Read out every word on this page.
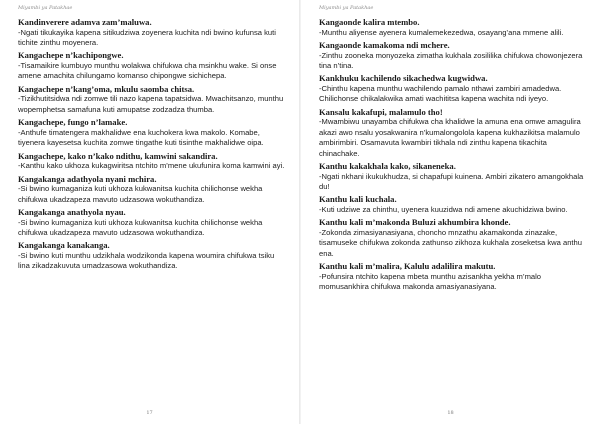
Miyambi ya Patakhae

Kandinverere adamva zam’maluwa.

-Ngati tikukayika kapena sitikudziwa zoyenera kuchita ndi bwino kufunsa kuti tichite zinthu moyenera.

Kangachepe n’kachipongwe.

-Tisamaikire kumbuyo munthu wolakwa chifukwa cha msinkhu wake. Si onse amene amachita chilungamo komanso chipongwe sichichepa.

Kangachepe n’kang’oma, mkulu saomba chitsa.

-Tizikhutitsidwa ndi zomwe tili nazo kapena tapatsidwa. Mwachitsanzo, munthu wopemphetsa samafuna kuti amupatse zodzadza thumba.

Kangachepe, fungo n’lamake.

-Anthufe timatengera makhalidwe ena kuchokera kwa makolo. Komabe, tiyenera kayesetsa kuchita zomwe tingathe kuti tisinthe makhalidwe oipa.

Kangachepe, kako n’kako ndithu, kamwini sakandira.

-Kanthu kako ukhoza kukagwiritsa ntchito m’mene ukufunira koma kamwini ayi.

Kangakanga adathyola nyani mchira.

-Si bwino kumaganiza kuti ukhoza kukwanitsa kuchita chilichonse wekha chifukwa ukadzapeza mavuto udzasowa wokuthandiza.

Kangakanga anathyola nyau.

-Si bwino kumaganiza kuti ukhoza kukwanitsa kuchita chilichonse wekha chifukwa ukadzapeza mavuto udzasowa wokuthandiza.

Kangakanga kanakanga.

-Si bwino kuti munthu udzikhala wodzikonda kapena woumira chifukwa tsiku lina zikadzakuvuta umadzasowa wokuthandiza.

17
Miyambi ya Patakhae

Kangaonde kalira mtembo.

-Munthu aliyense ayenera kumalemekezedwa, osayang’ana mmene alili.

Kangaonde kamakoma ndi mchere.

-Zinthu zooneka monyozeka zimatha kukhala zosililika chifukwa chowonjezera tina n’tina.

Kankhuku kachilendo sikachedwa kugwidwa.

-Chinthu kapena munthu wachilendo pamalo nthawi zambiri amadedwa. Chilichonse chikalakwika amati wachititsa kapena wachita ndi iyeyo.

Kansalu kakafupi, malamulo tho!

-Mwambiwu unayamba chifukwa cha khalidwe la amuna ena omwe amagulira akazi awo nsalu yosakwanira n’kumalongolola kapena kukhazikitsa malamulo ambirimbiri. Osamavuta kwambiri tikhala ndi zinthu kapena tikachita chinachake.

Kanthu kakakhala kako, sikaneneka.

-Ngati nkhani ikukukhudza, si chapafupi kuinena. Ambiri zikatero amangokhala du!

Kanthu kali kuchala.

-Kuti udziwe za chinthu, uyenera kuuzidwa ndi amene akuchidziwa bwino.

Kanthu kali m’makonda Buluzi akhumbira khonde.

-Zokonda zimasiyanasiyana, choncho mnzathu akamakonda zinazake, tisamuseke chifukwa zokonda zathunso zikhoza kukhala zoseketsa kwa anthu ena.

Kanthu kali m’malira, Kalulu adalilira makutu.

-Pofunsira ntchito kapena mbeta munthu azisankha yekha m’malo momusankhira chifukwa makonda amasiyanasiyana.

18
